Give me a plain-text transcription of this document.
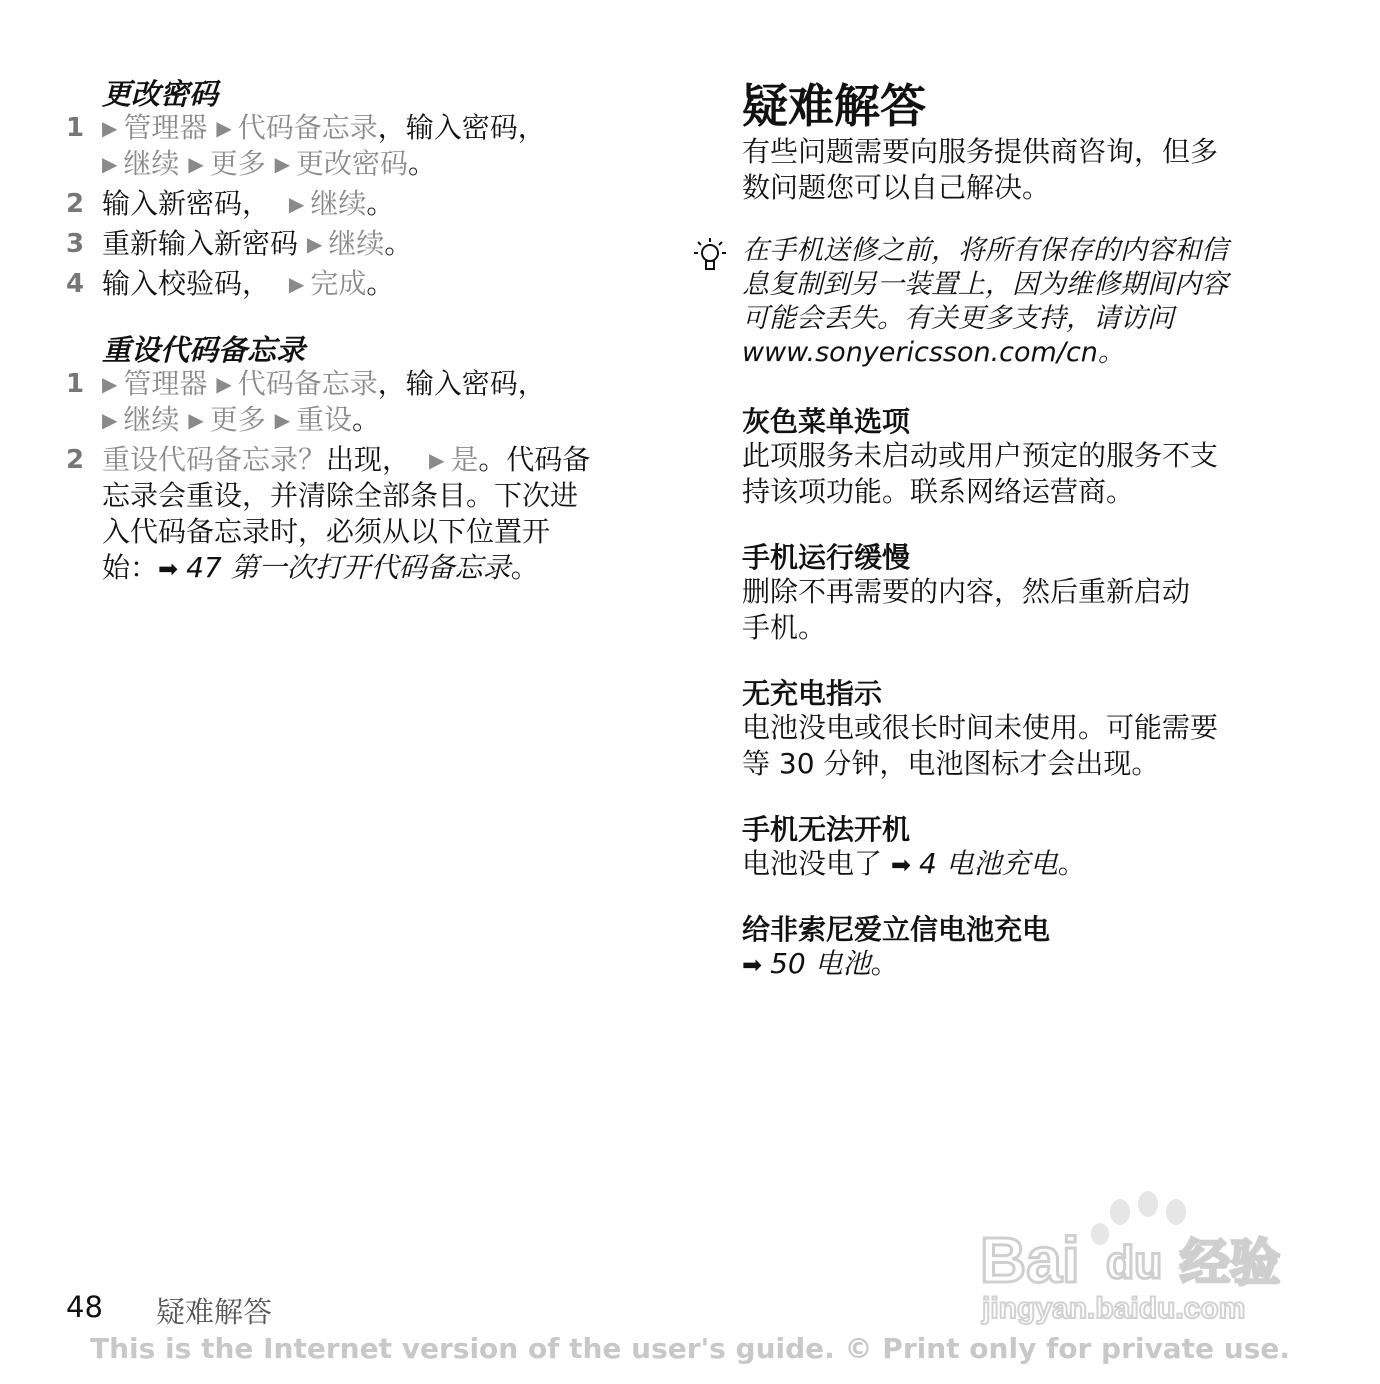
更改密码
1 ▶ 管理器 ▶ 代码备忘录，输入密码，
▶ 继续 ▶ 更多 ▶ 更改密码。
2 输入新密码， ▶ 继续。
3 重新输入新密码 ▶ 继续。
4 输入校验码， ▶ 完成。
重设代码备忘录
1 ▶ 管理器 ▶ 代码备忘录，输入密码，
▶ 继续 ▶ 更多 ▶ 重设。
2 重设代码备忘录？出现， ▶ 是。代码备
忘录会重设，并清除全部条目。下次进
入代码备忘录时，必须从以下位置开
始：➡ 47 第一次打开代码备忘录。
疑难解答
有些问题需要向服务提供商咨询，但多
数问题您可以自己解决。
在手机送修之前，将所有保存的内容和信
息复制到另一装置上，因为维修期间内容
可能会丢失。有关更多支持，请访问
www.sonyericsson.com/cn。
灰色菜单选项
此项服务未启动或用户预定的服务不支
持该项功能。联系网络运营商。
手机运行缓慢
删除不再需要的内容，然后重新启动
手机。
无充电指示
电池没电或很长时间未使用。可能需要
等 30 分钟，电池图标才会出现。
手机无法开机
电池没电了 ➡ 4 电池充电。
给非索尼爱立信电池充电
➡ 50 电池。
Bai du 经验
jingyan.baidu.com
48 疑难解答
This is the Internet version of the user's guide. © Print only for private use.
